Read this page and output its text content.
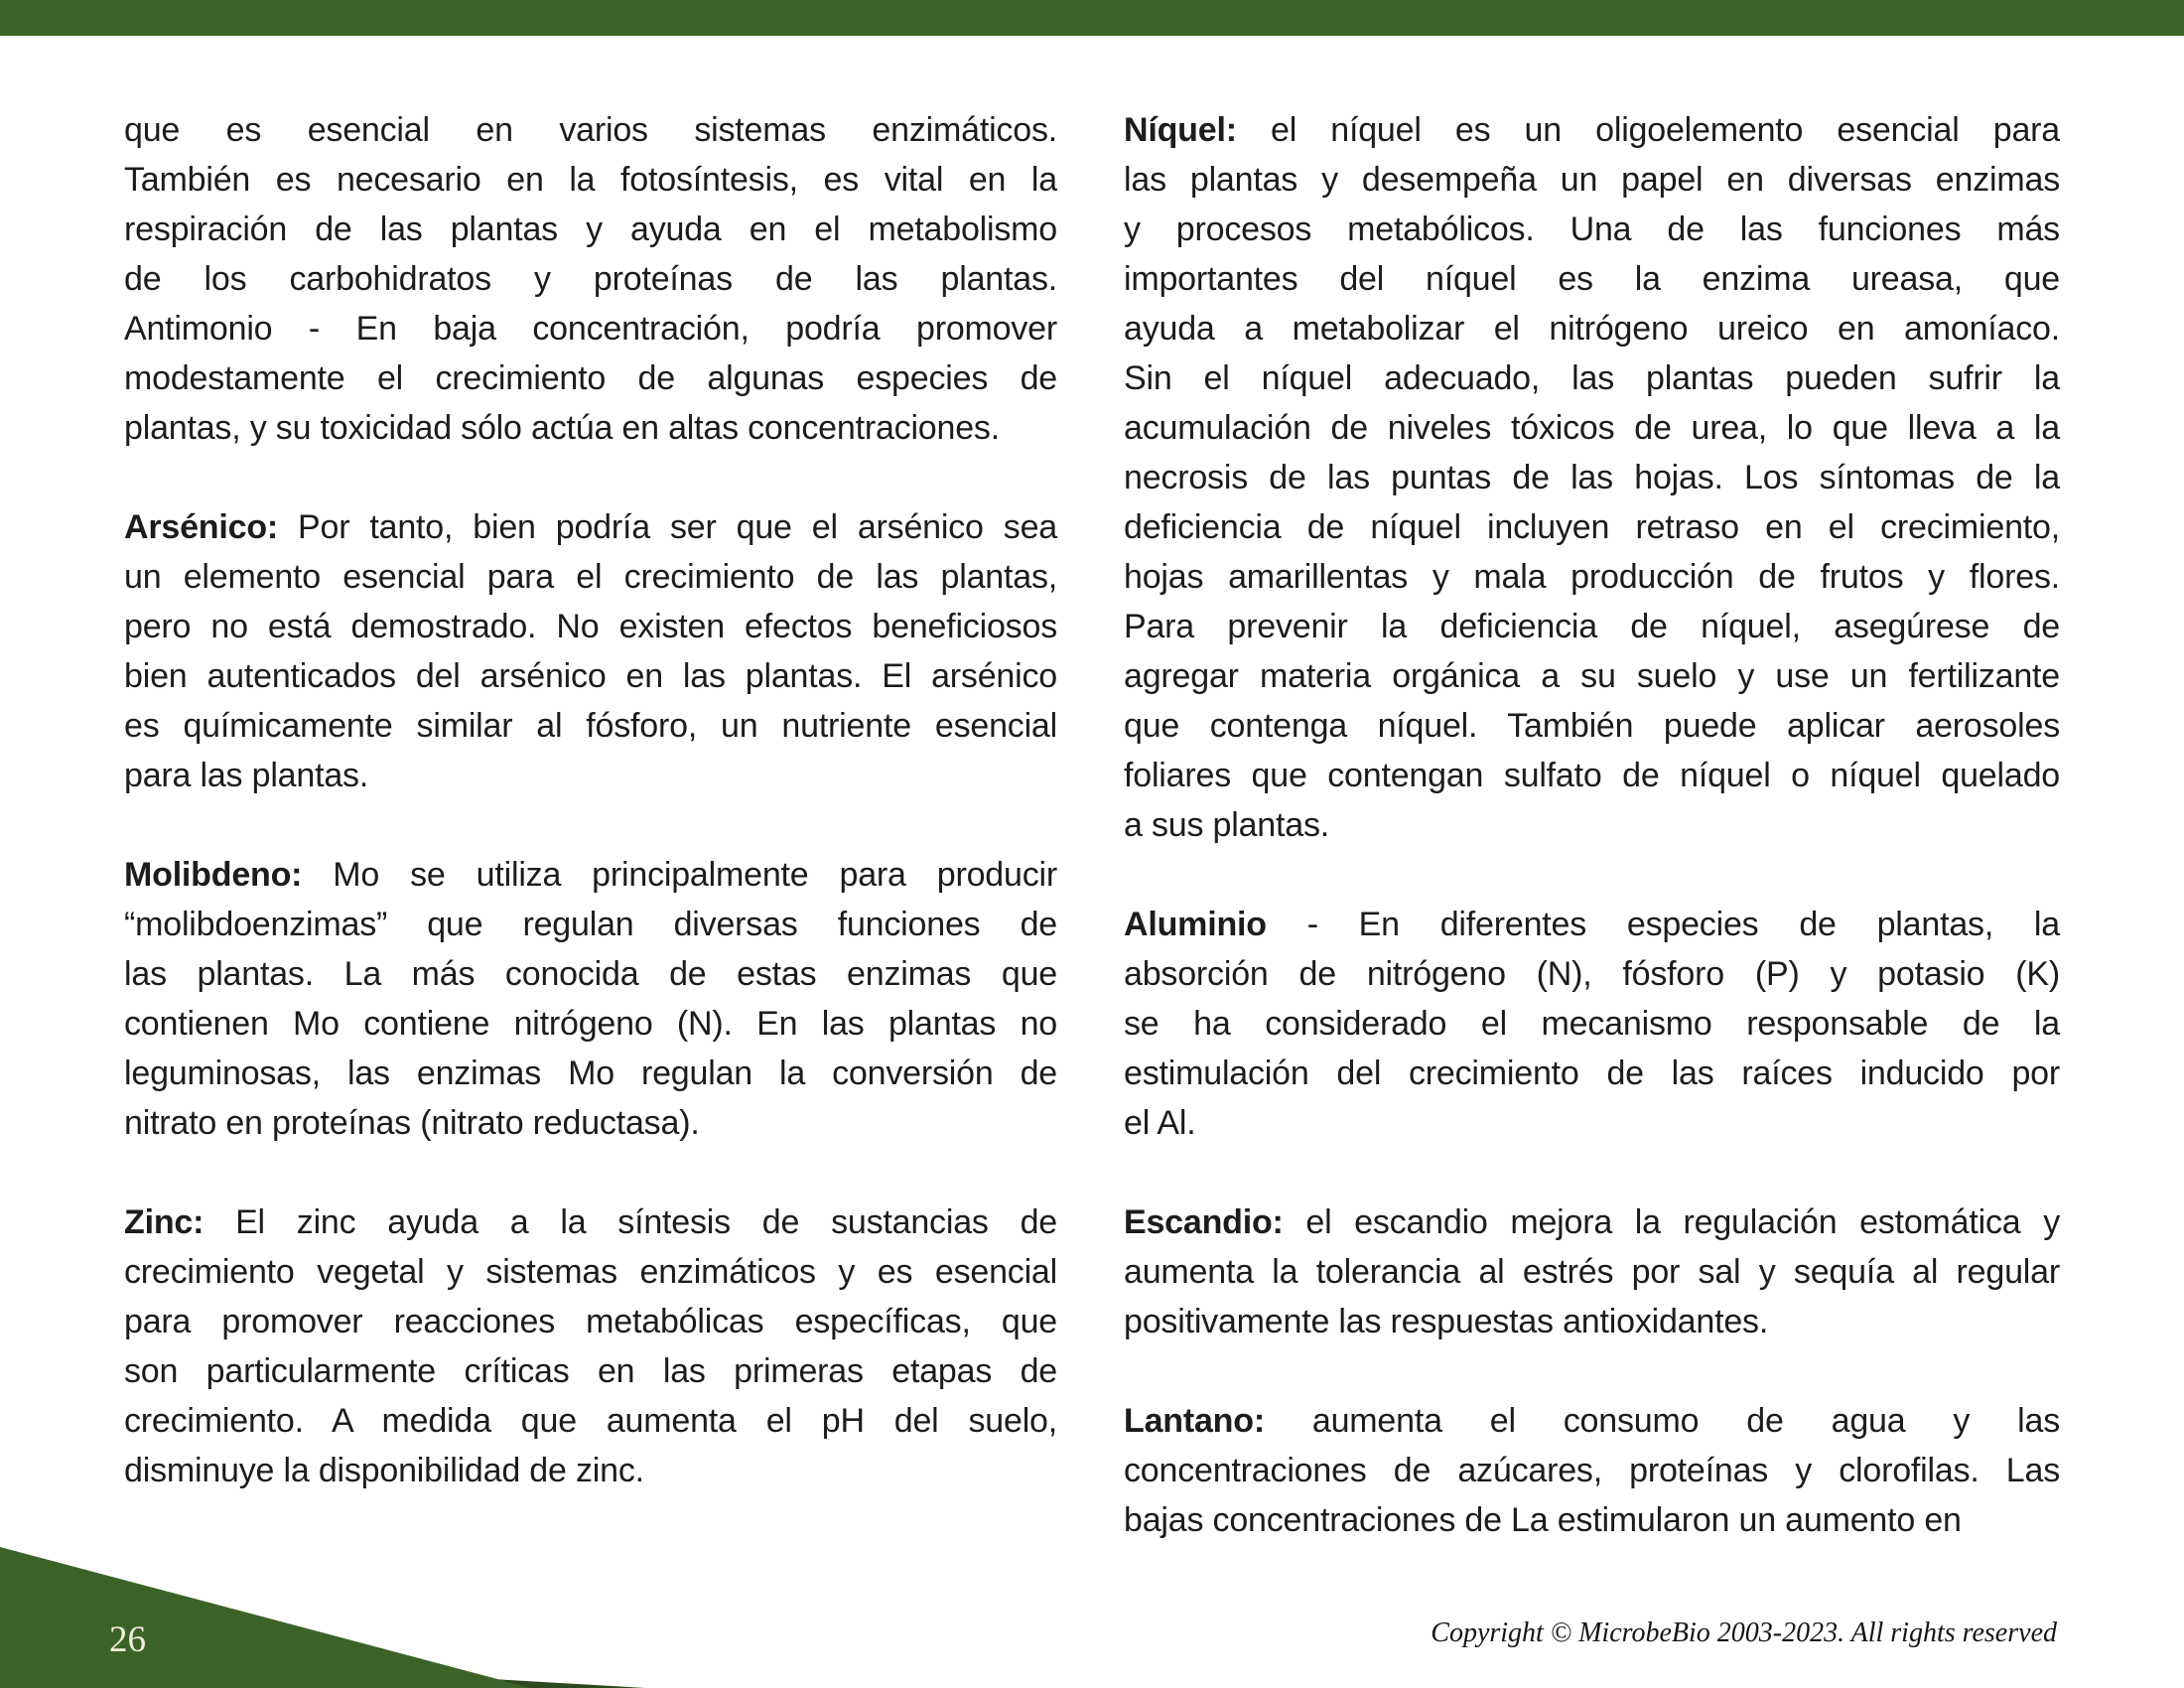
que es esencial en varios sistemas enzimáticos.
También es necesario en la fotosíntesis, es vital en la
respiración de las plantas y ayuda en el metabolismo
de los carbohidratos y proteínas de las plantas.
Antimonio - En baja concentración, podría promover
modestamente el crecimiento de algunas especies de
plantas, y su toxicidad sólo actúa en altas concentraciones.
Arsénico: Por tanto, bien podría ser que el arsénico sea
un elemento esencial para el crecimiento de las plantas,
pero no está demostrado. No existen efectos beneficiosos
bien autenticados del arsénico en las plantas. El arsénico
es químicamente similar al fósforo, un nutriente esencial
para las plantas.
Molibdeno: Mo se utiliza principalmente para producir
“molibdoenzimas” que regulan diversas funciones de
las plantas. La más conocida de estas enzimas que
contienen Mo contiene nitrógeno (N). En las plantas no
leguminosas, las enzimas Mo regulan la conversión de
nitrato en proteínas (nitrato reductasa).
Zinc: El zinc ayuda a la síntesis de sustancias de
crecimiento vegetal y sistemas enzimáticos y es esencial
para promover reacciones metabólicas específicas, que
son particularmente críticas en las primeras etapas de
crecimiento. A medida que aumenta el pH del suelo,
disminuye la disponibilidad de zinc.
Níquel: el níquel es un oligoelemento esencial para
las plantas y desempeña un papel en diversas enzimas
y procesos metabólicos. Una de las funciones más
importantes del níquel es la enzima ureasa, que
ayuda a metabolizar el nitrógeno ureico en amoníaco.
Sin el níquel adecuado, las plantas pueden sufrir la
acumulación de niveles tóxicos de urea, lo que lleva a la
necrosis de las puntas de las hojas. Los síntomas de la
deficiencia de níquel incluyen retraso en el crecimiento,
hojas amarillentas y mala producción de frutos y flores.
Para prevenir la deficiencia de níquel, asegúrese de
agregar materia orgánica a su suelo y use un fertilizante
que contenga níquel. También puede aplicar aerosoles
foliares que contengan sulfato de níquel o níquel quelado
a sus plantas.
Aluminio - En diferentes especies de plantas, la
absorción de nitrógeno (N), fósforo (P) y potasio (K)
se ha considerado el mecanismo responsable de la
estimulación del crecimiento de las raíces inducido por
el Al.
Escandio: el escandio mejora la regulación estomática y
aumenta la tolerancia al estrés por sal y sequía al regular
positivamente las respuestas antioxidantes.
Lantano: aumenta el consumo de agua y las
concentraciones de azúcares, proteínas y clorofilas. Las
bajas concentraciones de La estimularon un aumento en
26	Copyright © MicrobeBio 2003-2023. All rights reserved
